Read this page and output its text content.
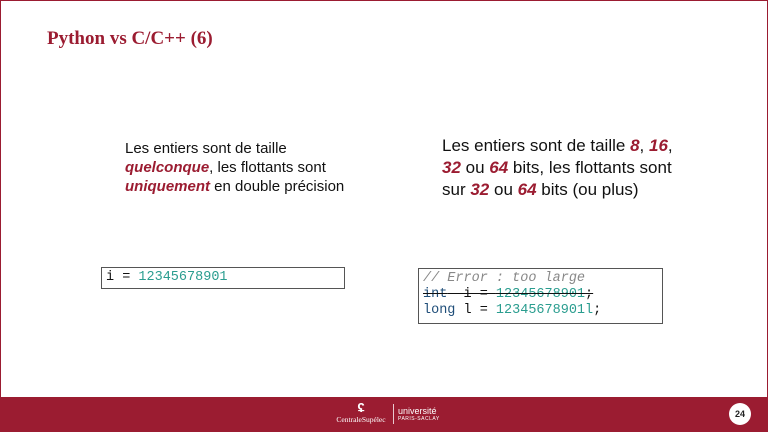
Python vs C/C++ (6)
Les entiers sont de taille quelconque, les flottants sont uniquement en double précision
Les entiers sont de taille 8, 16, 32 ou 64 bits, les flottants sont sur 32 ou 64 bits (ou plus)
i = 12345678901	// Error : too large
int  i = 12345678901;
long l = 12345678901l;
ʢ
CentraleSupélec
université
PARIS-SACLAY	24
